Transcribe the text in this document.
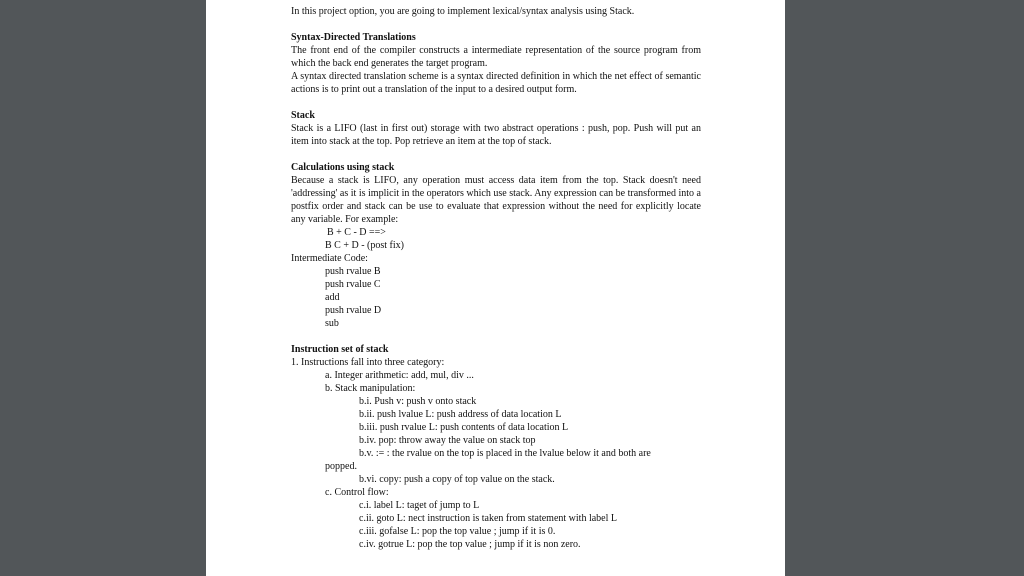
In this project option, you are going to implement lexical/syntax analysis using Stack.

Syntax-Directed Translations

The front end of the compiler constructs a intermediate representation of the source program from which the back end generates the target program.

A syntax directed translation scheme is a syntax directed definition in which the net effect of semantic actions is to print out a translation of the input to a desired output form.

Stack

Stack is a LIFO (last in first out) storage with two abstract operations : push, pop. Push will put an item into stack at the top. Pop retrieve an item at the top of stack.

Calculations using stack

Because a stack is LIFO, any operation must access data item from the top. Stack doesn't need 'addressing' as it is implicit in the operators which use stack. Any expression can be transformed into a postfix order and stack can be use to evaluate that expression without the need for explicitly locate any variable. For example:

B + C - D ==>

B C + D - (post fix)

Intermediate Code:

push rvalue B

push rvalue C

add

push rvalue D

sub

Instruction set of stack

1. Instructions fall into three category:

a. Integer arithmetic: add, mul, div ...

b. Stack manipulation:

b.i. Push v: push v onto stack

b.ii. push lvalue L: push address of data location L

b.iii. push rvalue L: push contents of data location L

b.iv. pop: throw away the value on stack top

b.v. := : the rvalue on the top is placed in the lvalue below it and both are

popped.

b.vi. copy: push a copy of top value on the stack.

c. Control flow:

c.i. label L: taget of jump to L

c.ii. goto L: nect instruction is taken from statement with label L

c.iii. gofalse L: pop the top value ; jump if it is 0.

c.iv. gotrue L: pop the top value ; jump if it is non zero.
